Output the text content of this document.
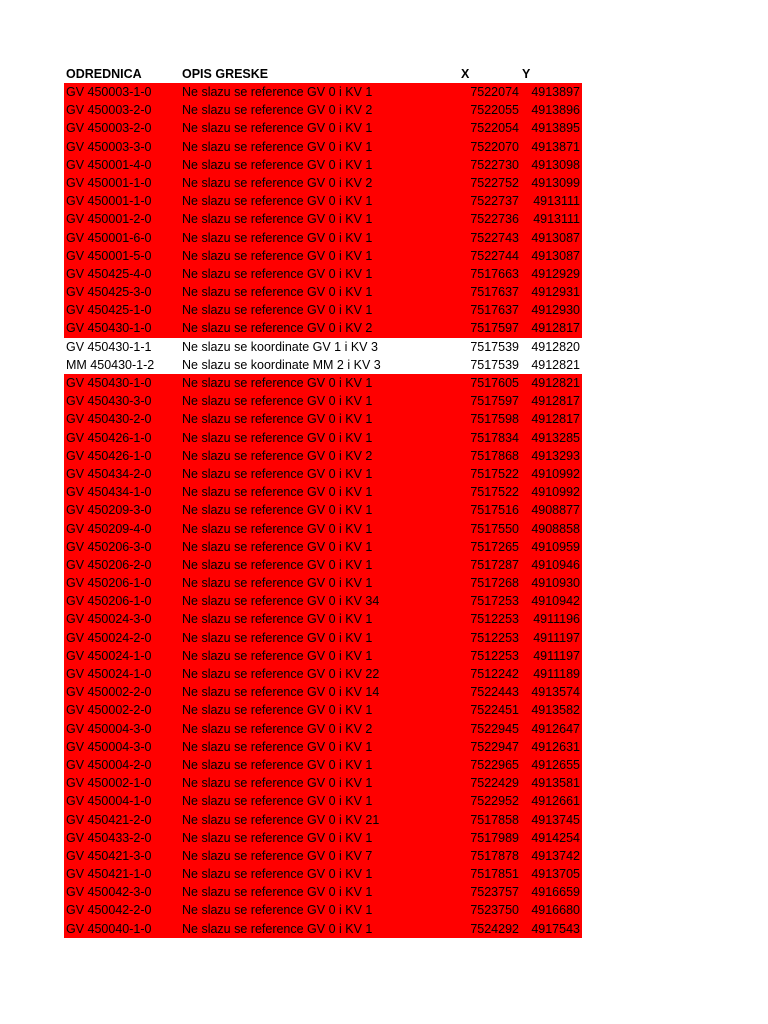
ODREDNICA	OPIS GRESKE	X	Y
GV 450003-1-0 Ne slazu se reference GV 0 i KV 1	7522074 4913897
GV 450003-2-0 Ne slazu se reference GV 0 i KV 2	7522055 4913896
GV 450003-2-0 Ne slazu se reference GV 0 i KV 1	7522054 4913895
GV 450003-3-0 Ne slazu se reference GV 0 i KV 1	7522070 4913871
GV 450001-4-0 Ne slazu se reference GV 0 i KV 1	7522730 4913098
GV 450001-1-0 Ne slazu se reference GV 0 i KV 2	7522752 4913099
GV 450001-1-0 Ne slazu se reference GV 0 i KV 1	7522737	4913111
GV 450001-2-0 Ne slazu se reference GV 0 i KV 1	7522736	4913111
GV 450001-6-0 Ne slazu se reference GV 0 i KV 1	7522743 4913087
GV 450001-5-0 Ne slazu se reference GV 0 i KV 1	7522744 4913087
GV 450425-4-0 Ne slazu se reference GV 0 i KV 1	7517663 4912929
GV 450425-3-0 Ne slazu se reference GV 0 i KV 1	7517637 4912931
GV 450425-1-0 Ne slazu se reference GV 0 i KV 1	7517637 4912930
GV 450430-1-0 Ne slazu se reference GV 0 i KV 2	7517597 4912817
GV 450430-1-1 Ne slazu se koordinate GV 1 i KV 3	7517539 4912820
MM 450430-1-2 Ne slazu se koordinate MM 2 i KV 3	7517539 4912821
GV 450430-1-0 Ne slazu se reference GV 0 i KV 1	7517605 4912821
GV 450430-3-0 Ne slazu se reference GV 0 i KV 1	7517597 4912817
GV 450430-2-0 Ne slazu se reference GV 0 i KV 1	7517598 4912817
GV 450426-1-0 Ne slazu se reference GV 0 i KV 1	7517834 4913285
GV 450426-1-0 Ne slazu se reference GV 0 i KV 2	7517868 4913293
GV 450434-2-0 Ne slazu se reference GV 0 i KV 1	7517522 4910992
GV 450434-1-0 Ne slazu se reference GV 0 i KV 1	7517522 4910992
GV 450209-3-0 Ne slazu se reference GV 0 i KV 1	7517516 4908877
GV 450209-4-0 Ne slazu se reference GV 0 i KV 1	7517550 4908858
GV 450206-3-0 Ne slazu se reference GV 0 i KV 1	7517265 4910959
GV 450206-2-0 Ne slazu se reference GV 0 i KV 1	7517287 4910946
GV 450206-1-0 Ne slazu se reference GV 0 i KV 1	7517268 4910930
GV 450206-1-0 Ne slazu se reference GV 0 i KV 34	7517253 4910942
GV 450024-3-0 Ne slazu se reference GV 0 i KV 1	7512253	4911196
GV 450024-2-0 Ne slazu se reference GV 0 i KV 1	7512253	4911197
GV 450024-1-0 Ne slazu se reference GV 0 i KV 1	7512253	4911197
GV 450024-1-0 Ne slazu se reference GV 0 i KV 22	7512242	4911189
GV 450002-2-0 Ne slazu se reference GV 0 i KV 14	7522443 4913574
GV 450002-2-0 Ne slazu se reference GV 0 i KV 1	7522451 4913582
GV 450004-3-0 Ne slazu se reference GV 0 i KV 2	7522945 4912647
GV 450004-3-0 Ne slazu se reference GV 0 i KV 1	7522947 4912631
GV 450004-2-0 Ne slazu se reference GV 0 i KV 1	7522965 4912655
GV 450002-1-0 Ne slazu se reference GV 0 i KV 1	7522429 4913581
GV 450004-1-0 Ne slazu se reference GV 0 i KV 1	7522952 4912661
GV 450421-2-0 Ne slazu se reference GV 0 i KV 21	7517858 4913745
GV 450433-2-0 Ne slazu se reference GV 0 i KV 1	7517989 4914254
GV 450421-3-0 Ne slazu se reference GV 0 i KV 7	7517878 4913742
GV 450421-1-0 Ne slazu se reference GV 0 i KV 1	7517851 4913705
GV 450042-3-0 Ne slazu se reference GV 0 i KV 1	7523757 4916659
GV 450042-2-0 Ne slazu se reference GV 0 i KV 1	7523750 4916680
GV 450040-1-0 Ne slazu se reference GV 0 i KV 1	7524292 4917543
